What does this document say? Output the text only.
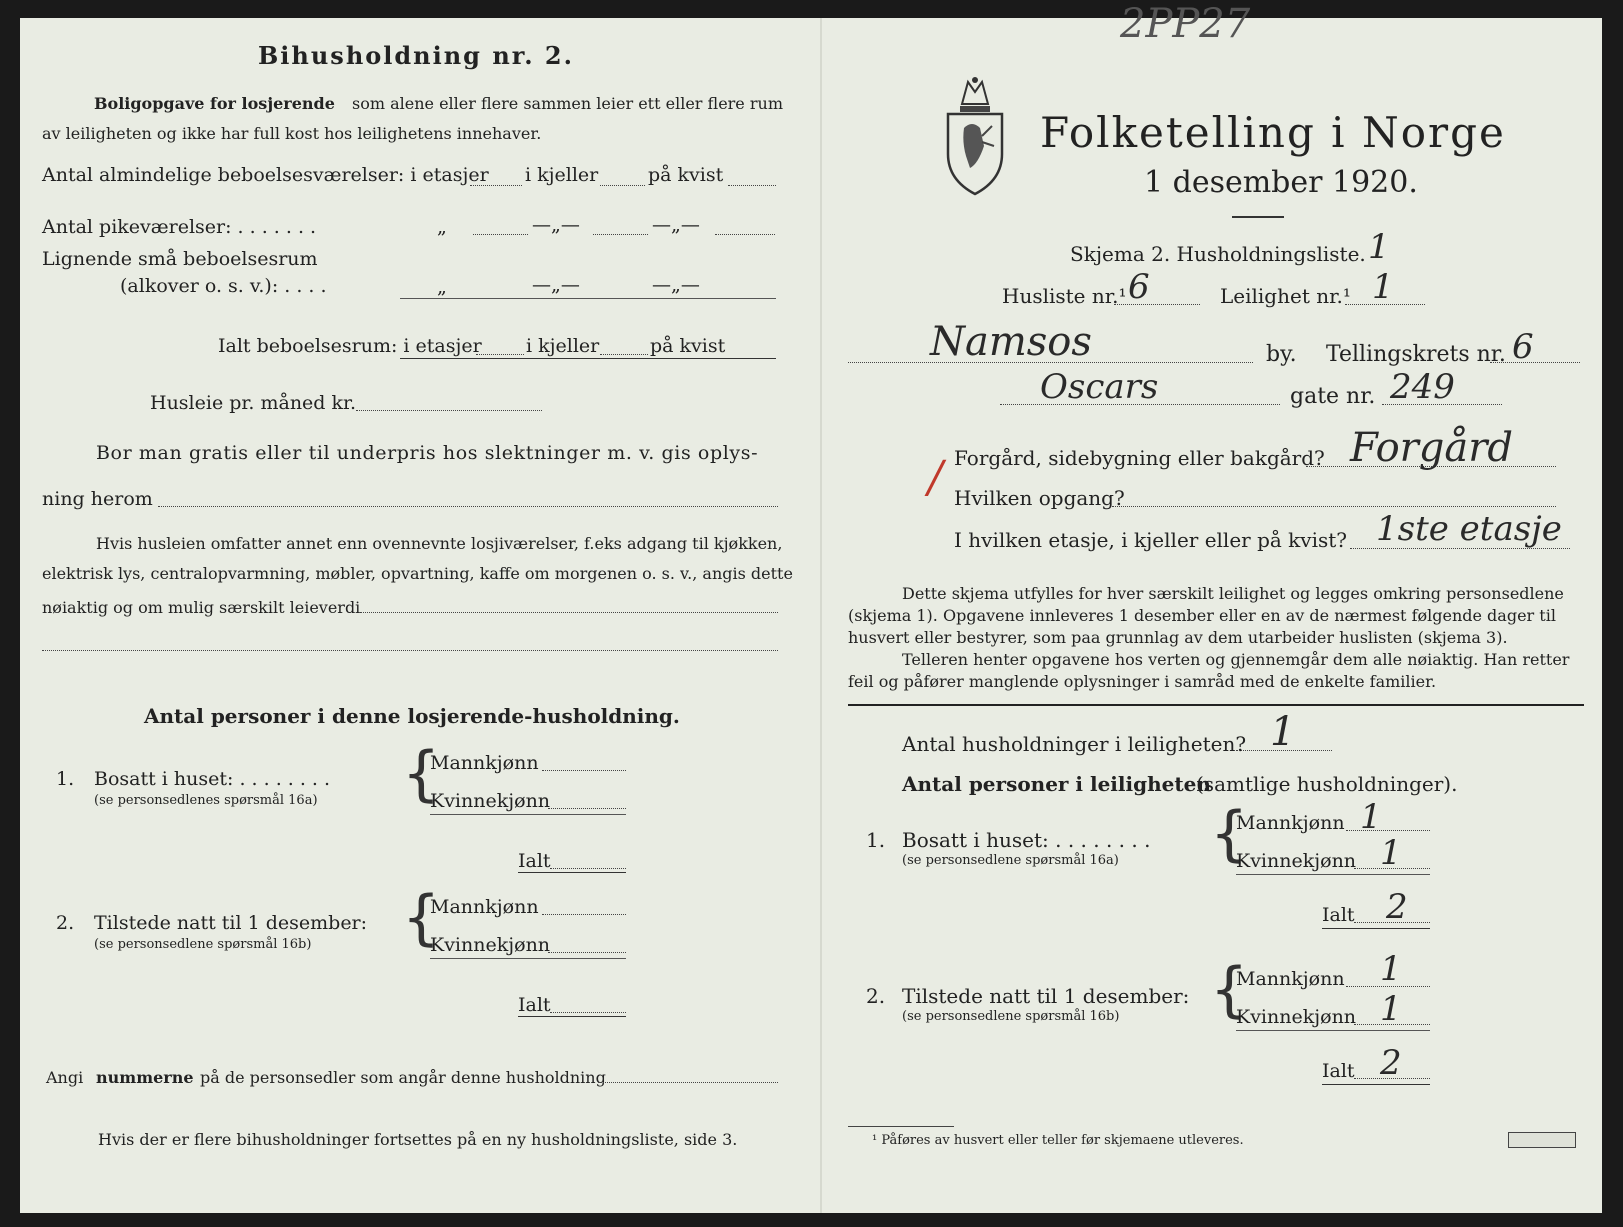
Bihusholdning nr. 2.
Boligopgave for losjerende som alene eller flere sammen leier ett eller flere rum
av leiligheten og ikke har full kost hos leilighetens innehaver.
Antal almindelige beboelsesværelser: i etasjer i kjeller	på kvist
Antal pikeværelser: . . . . . . .	„	—„—	—„—
Lignende små beboelsesrum
(alkover o. s. v.): . . . .	„	—„—	—„—
Ialt beboelsesrum: i etasjer i kjeller	på kvist
Husleie pr. måned kr.
Bor man gratis eller til underpris hos slektninger m. v. gis oplys-
ning herom
Hvis husleien omfatter annet enn ovennevnte losjiværelser, f.eks adgang til kjøkken,
elektrisk lys, centralopvarmning, møbler, opvartning, kaffe om morgenen o. s. v., angis dette
nøiaktig og om mulig særskilt leieverdi
Antal personer i denne losjerende-husholdning.
1. Bosatt i huset: . . . . . . . .
(se personsedlenes spørsmål 16a) {
Mannkjønn
Kvinnekjønn
Ialt
2. Tilstede natt til 1 desember:
(se personsedlene spørsmål 16b) {
Mannkjønn
Kvinnekjønn
Ialt
Angi nummerne på de personsedler som angår denne husholdning
Hvis der er flere bihusholdninger fortsettes på en ny husholdningsliste, side 3.
2PP27
Folketelling i Norge
1 desember 1920.
Skjema 2. Husholdningsliste. 1
Husliste nr.¹ 6	Leilighet nr.¹ 1
Namsos	by. Tellingskrets nr. 6
Oscars	gate nr. 249
/ Forgård, sidebygning eller bakgård? Forgård
Hvilken opgang?
I hvilken etasje, i kjeller eller på kvist? 1ste etasje
Dette skjema utfylles for hver særskilt leilighet og legges omkring personsedlene
(skjema 1). Opgavene innleveres 1 desember eller en av de nærmest følgende dager til
husvert eller bestyrer, som paa grunnlag av dem utarbeider huslisten (skjema 3).
Telleren henter opgavene hos verten og gjennemgår dem alle nøiaktig. Han retter
feil og påfører manglende oplysninger i samråd med de enkelte familier.
Antal husholdninger i leiligheten? 1
Antal personer i leiligheten
(samtlige husholdninger).
1. Bosatt i huset: . . . . . . . .
(se personsedlene spørsmål 16a) {
Mannkjønn 1
Kvinnekjønn 1
Ialt 2
2. Tilstede natt til 1 desember:
(se personsedlene spørsmål 16b) {
Mannkjønn 1
Kvinnekjønn 1
Ialt 2
¹ Påføres av husvert eller teller før skjemaene utleveres.
